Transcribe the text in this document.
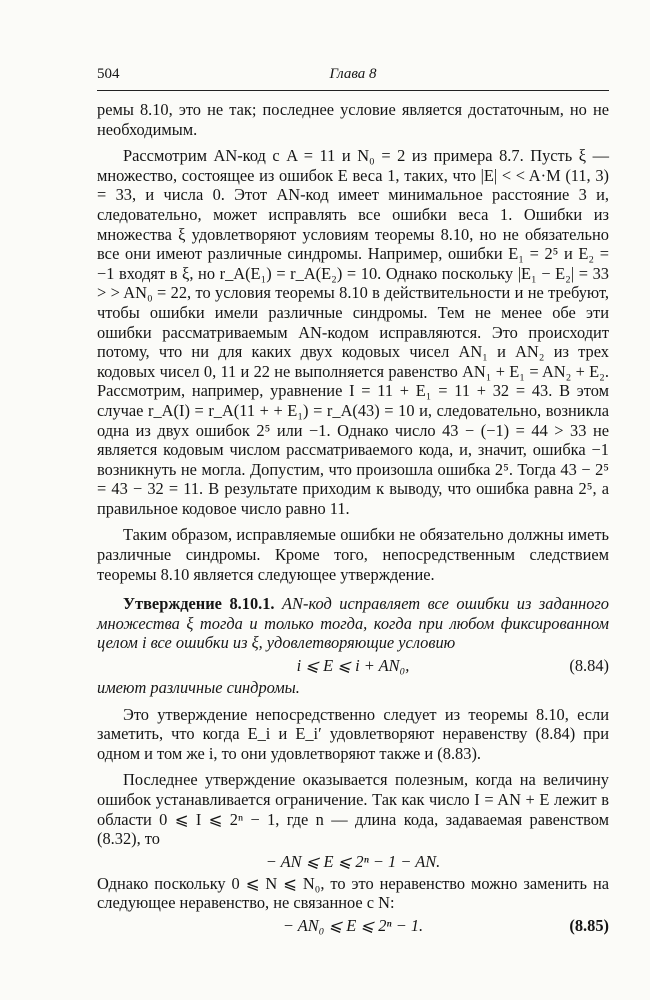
504	Глава 8

ремы 8.10, это не так; последнее условие является достаточным, но не необходимым.

Рассмотрим AN-код с A = 11 и N₀ = 2 из примера 8.7. Пусть ξ — множество, состоящее из ошибок E веса 1, таких, что |E| < < A·M (11, 3) = 33, и числа 0. Этот AN-код имеет минимальное расстояние 3 и, следовательно, может исправлять все ошибки веса 1. Ошибки из множества ξ удовлетворяют условиям теоремы 8.10, но не обязательно все они имеют различные синдромы. Например, ошибки E₁ = 2⁵ и E₂ = −1 входят в ξ, но r_A(E₁) = r_A(E₂) = 10. Однако поскольку |E₁ − E₂| = 33 > > AN₀ = 22, то условия теоремы 8.10 в действительности и не требуют, чтобы ошибки имели различные синдромы. Тем не менее обе эти ошибки рассматриваемым AN-кодом исправляются. Это происходит потому, что ни для каких двух кодовых чисел AN₁ и AN₂ из трех кодовых чисел 0, 11 и 22 не выполняется равенство AN₁ + E₁ = AN₂ + E₂. Рассмотрим, например, уравнение I = 11 + E₁ = 11 + 32 = 43. В этом случае r_A(I) = r_A(11 + + E₁) = r_A(43) = 10 и, следовательно, возникла одна из двух ошибок 2⁵ или −1. Однако число 43 − (−1) = 44 > 33 не является кодовым числом рассматриваемого кода, и, значит, ошибка −1 возникнуть не могла. Допустим, что произошла ошибка 2⁵. Тогда 43 − 2⁵ = 43 − 32 = 11. В результате приходим к выводу, что ошибка равна 2⁵, а правильное кодовое число равно 11.

Таким образом, исправляемые ошибки не обязательно должны иметь различные синдромы. Кроме того, непосредственным следствием теоремы 8.10 является следующее утверждение.

Утверждение 8.10.1. AN-код исправляет все ошибки из заданного множества ξ тогда и только тогда, когда при любом фиксированном целом i все ошибки из ξ, удовлетворяющие условию

i ⩽ E ⩽ i + AN₀,	(8.84)

имеют различные синдромы.

Это утверждение непосредственно следует из теоремы 8.10, если заметить, что когда E_i и E_i′ удовлетворяют неравенству (8.84) при одном и том же i, то они удовлетворяют также и (8.83).

Последнее утверждение оказывается полезным, когда на величину ошибок устанавливается ограничение. Так как число I = AN + E лежит в области 0 ⩽ I ⩽ 2ⁿ − 1, где n — длина кода, задаваемая равенством (8.32), то

− AN ⩽ E ⩽ 2ⁿ − 1 − AN.

Однако поскольку 0 ⩽ N ⩽ N₀, то это неравенство можно заменить на следующее неравенство, не связанное с N:

− AN₀ ⩽ E ⩽ 2ⁿ − 1.	(8.85)
